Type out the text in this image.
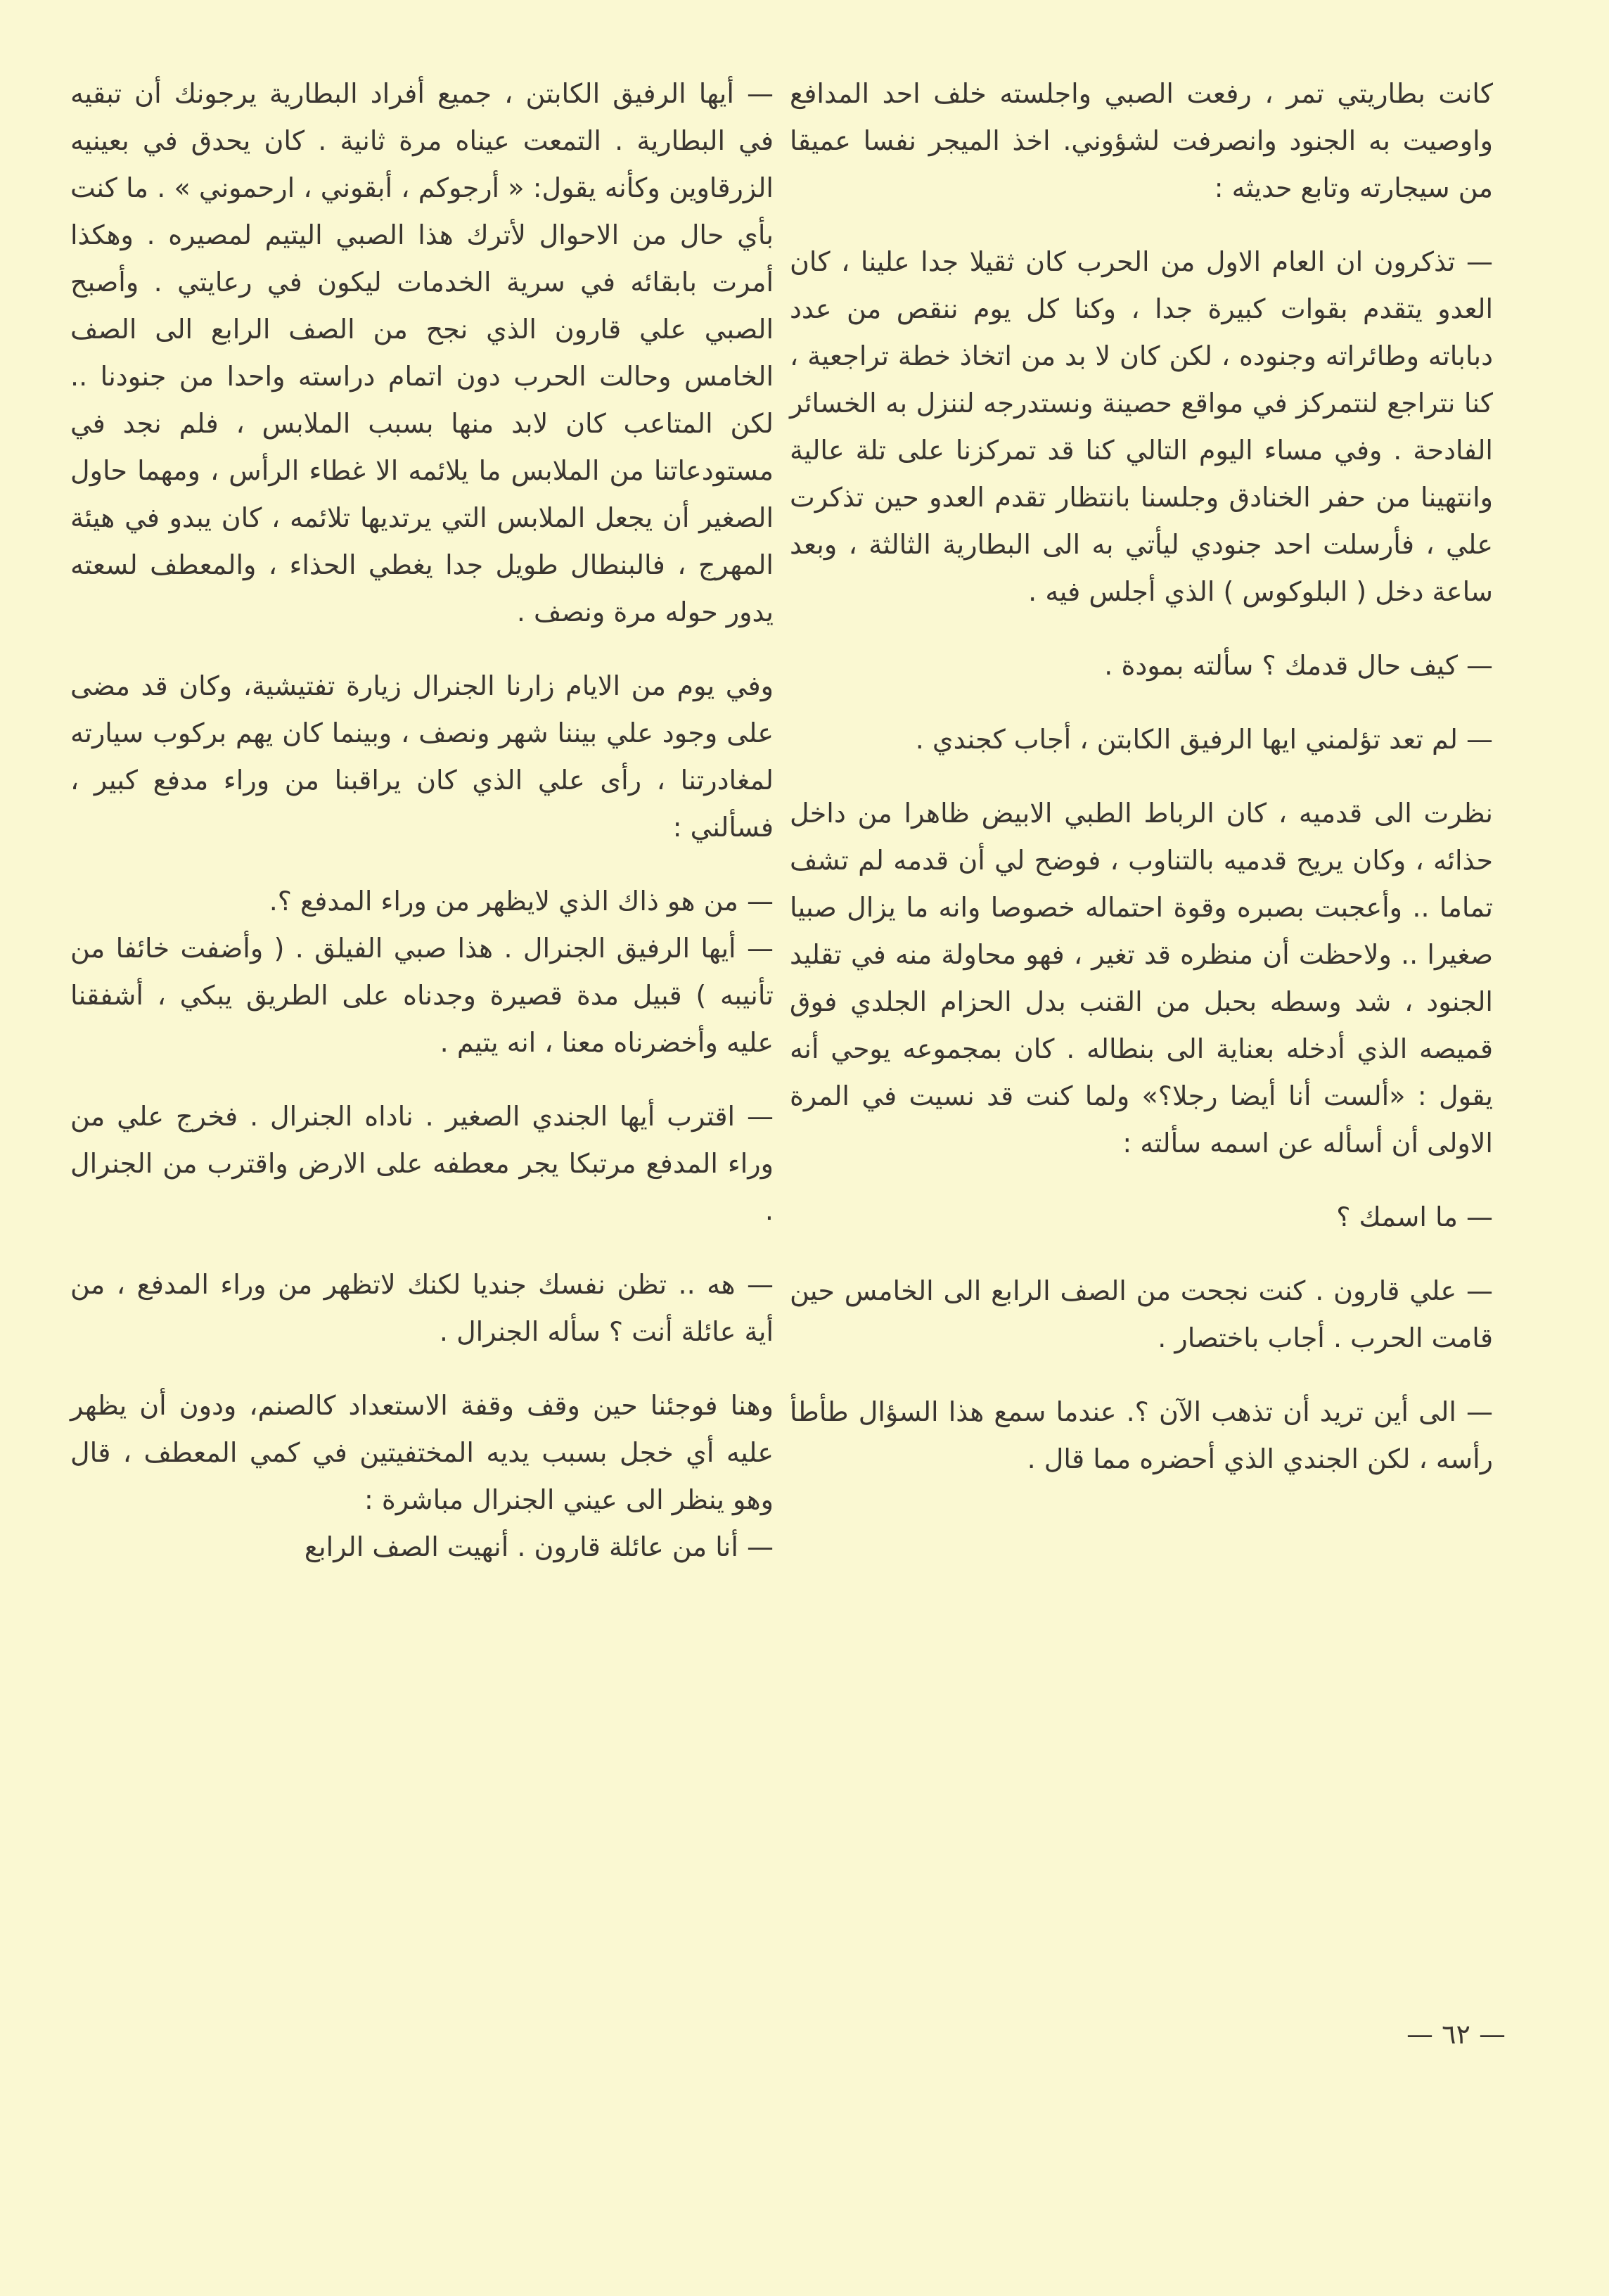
كانت بطاريتي تمر ، رفعت الصبي واجلسته خلف احد المدافع واوصيت به الجنود وانصرفت لشؤوني. اخذ الميجر نفسا عميقا من سيجارته وتابع حديثه :

— تذكرون ان العام الاول من الحرب كان ثقيلا جدا علينا ، كان العدو يتقدم بقوات كبيرة جدا ، وكنا كل يوم ننقص من عدد دباباته وطائراته وجنوده ، لكن كان لا بد من اتخاذ خطة تراجعية ، كنا نتراجع لنتمركز في مواقع حصينة ونستدرجه لننزل به الخسائر الفادحة . وفي مساء اليوم التالي كنا قد تمركزنا على تلة عالية وانتهينا من حفر الخنادق وجلسنا بانتظار تقدم العدو حين تذكرت علي ، فأرسلت احد جنودي ليأتي به الى البطارية الثالثة ، وبعد ساعة دخل ( البلوكوس ) الذي أجلس فيه .

— كيف حال قدمك ؟ سألته بمودة .

— لم تعد تؤلمني ايها الرفيق الكابتن ، أجاب كجندي .

نظرت الى قدميه ، كان الرباط الطبي الابيض ظاهرا من داخل حذائه ، وكان يريح قدميه بالتناوب ، فوضح لي أن قدمه لم تشف تماما .. وأعجبت بصبره وقوة احتماله خصوصا وانه ما يزال صبيا صغيرا .. ولاحظت أن منظره قد تغير ، فهو محاولة منه في تقليد الجنود ، شد وسطه بحبل من القنب بدل الحزام الجلدي فوق قميصه الذي أدخله بعناية الى بنطاله . كان بمجموعه يوحي أنه يقول : «ألست أنا أيضا رجلا؟» ولما كنت قد نسيت في المرة الاولى أن أسأله عن اسمه سألته :

— ما اسمك ؟

— علي قارون . كنت نجحت من الصف الرابع الى الخامس حين قامت الحرب . أجاب باختصار .

— الى أين تريد أن تذهب الآن ؟. عندما سمع هذا السؤال طأطأ رأسه ، لكن الجندي الذي أحضره مما قال .

— أيها الرفيق الكابتن ، جميع أفراد البطارية يرجونك أن تبقيه في البطارية . التمعت عيناه مرة ثانية . كان يحدق في بعينيه الزرقاوين وكأنه يقول: « أرجوكم ، أبقوني ، ارحموني » . ما كنت بأي حال من الاحوال لأترك هذا الصبي اليتيم لمصيره . وهكذا أمرت بابقائه في سرية الخدمات ليكون في رعايتي . وأصبح الصبي علي قارون الذي نجح من الصف الرابع الى الصف الخامس وحالت الحرب دون اتمام دراسته واحدا من جنودنا .. لكن المتاعب كان لابد منها بسبب الملابس ، فلم نجد في مستودعاتنا من الملابس ما يلائمه الا غطاء الرأس ، ومهما حاول الصغير أن يجعل الملابس التي يرتديها تلائمه ، كان يبدو في هيئة المهرج ، فالبنطال طويل جدا يغطي الحذاء ، والمعطف لسعته يدور حوله مرة ونصف .

وفي يوم من الايام زارنا الجنرال زيارة تفتيشية، وكان قد مضى على وجود علي بيننا شهر ونصف ، وبينما كان يهم بركوب سيارته لمغادرتنا ، رأى علي الذي كان يراقبنا من وراء مدفع كبير ، فسألني :

— من هو ذاك الذي لايظهر من وراء المدفع ؟.

— أيها الرفيق الجنرال . هذا صبي الفيلق . ( وأضفت خائفا من تأنيبه ) قبيل مدة قصيرة وجدناه على الطريق يبكي ، أشفقنا عليه وأخضرناه معنا ، انه يتيم .

— اقترب أيها الجندي الصغير . ناداه الجنرال . فخرج علي من وراء المدفع مرتبكا يجر معطفه على الارض واقترب من الجنرال .

— هه .. تظن نفسك جنديا لكنك لاتظهر من وراء المدفع ، من أية عائلة أنت ؟ سأله الجنرال .

وهنا فوجئنا حين وقف وقفة الاستعداد كالصنم، ودون أن يظهر عليه أي خجل بسبب يديه المختفيتين في كمي المعطف ، قال وهو ينظر الى عيني الجنرال مباشرة :

— أنا من عائلة قارون . أنهيت الصف الرابع

— ٦٢ —
